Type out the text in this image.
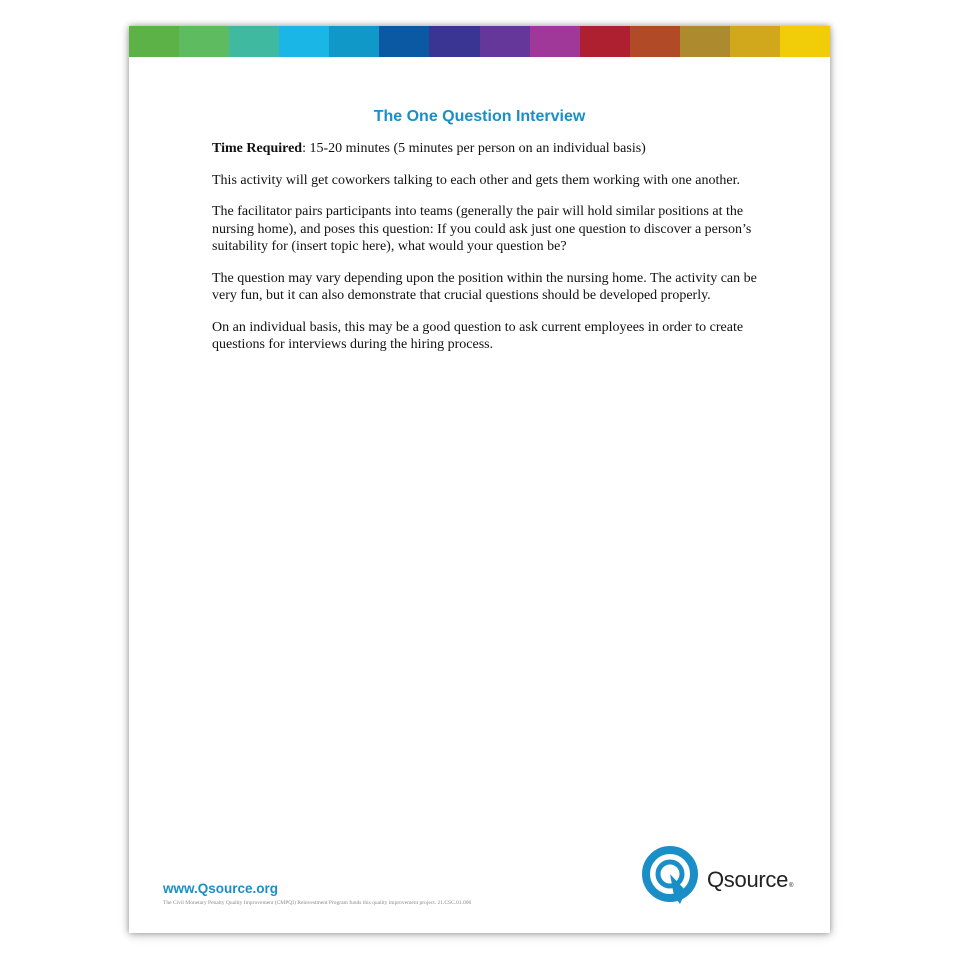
The One Question Interview

Time Required: 15-20 minutes (5 minutes per person on an individual basis)

This activity will get coworkers talking to each other and gets them working with one another.

The facilitator pairs participants into teams (generally the pair will hold similar positions at the nursing home), and poses this question: If you could ask just one question to discover a person’s suitability for (insert topic here), what would your question be?

The question may vary depending upon the position within the nursing home. The activity can be very fun, but it can also demonstrate that crucial questions should be developed properly.

On an individual basis, this may be a good question to ask current employees in order to create questions for interviews during the hiring process.

www.Qsource.org
The Civil Monetary Penalty Quality Improvement (CMPQI) Reinvestment Program funds this quality improvement project. 21.CSC.01.006
Qsource®
